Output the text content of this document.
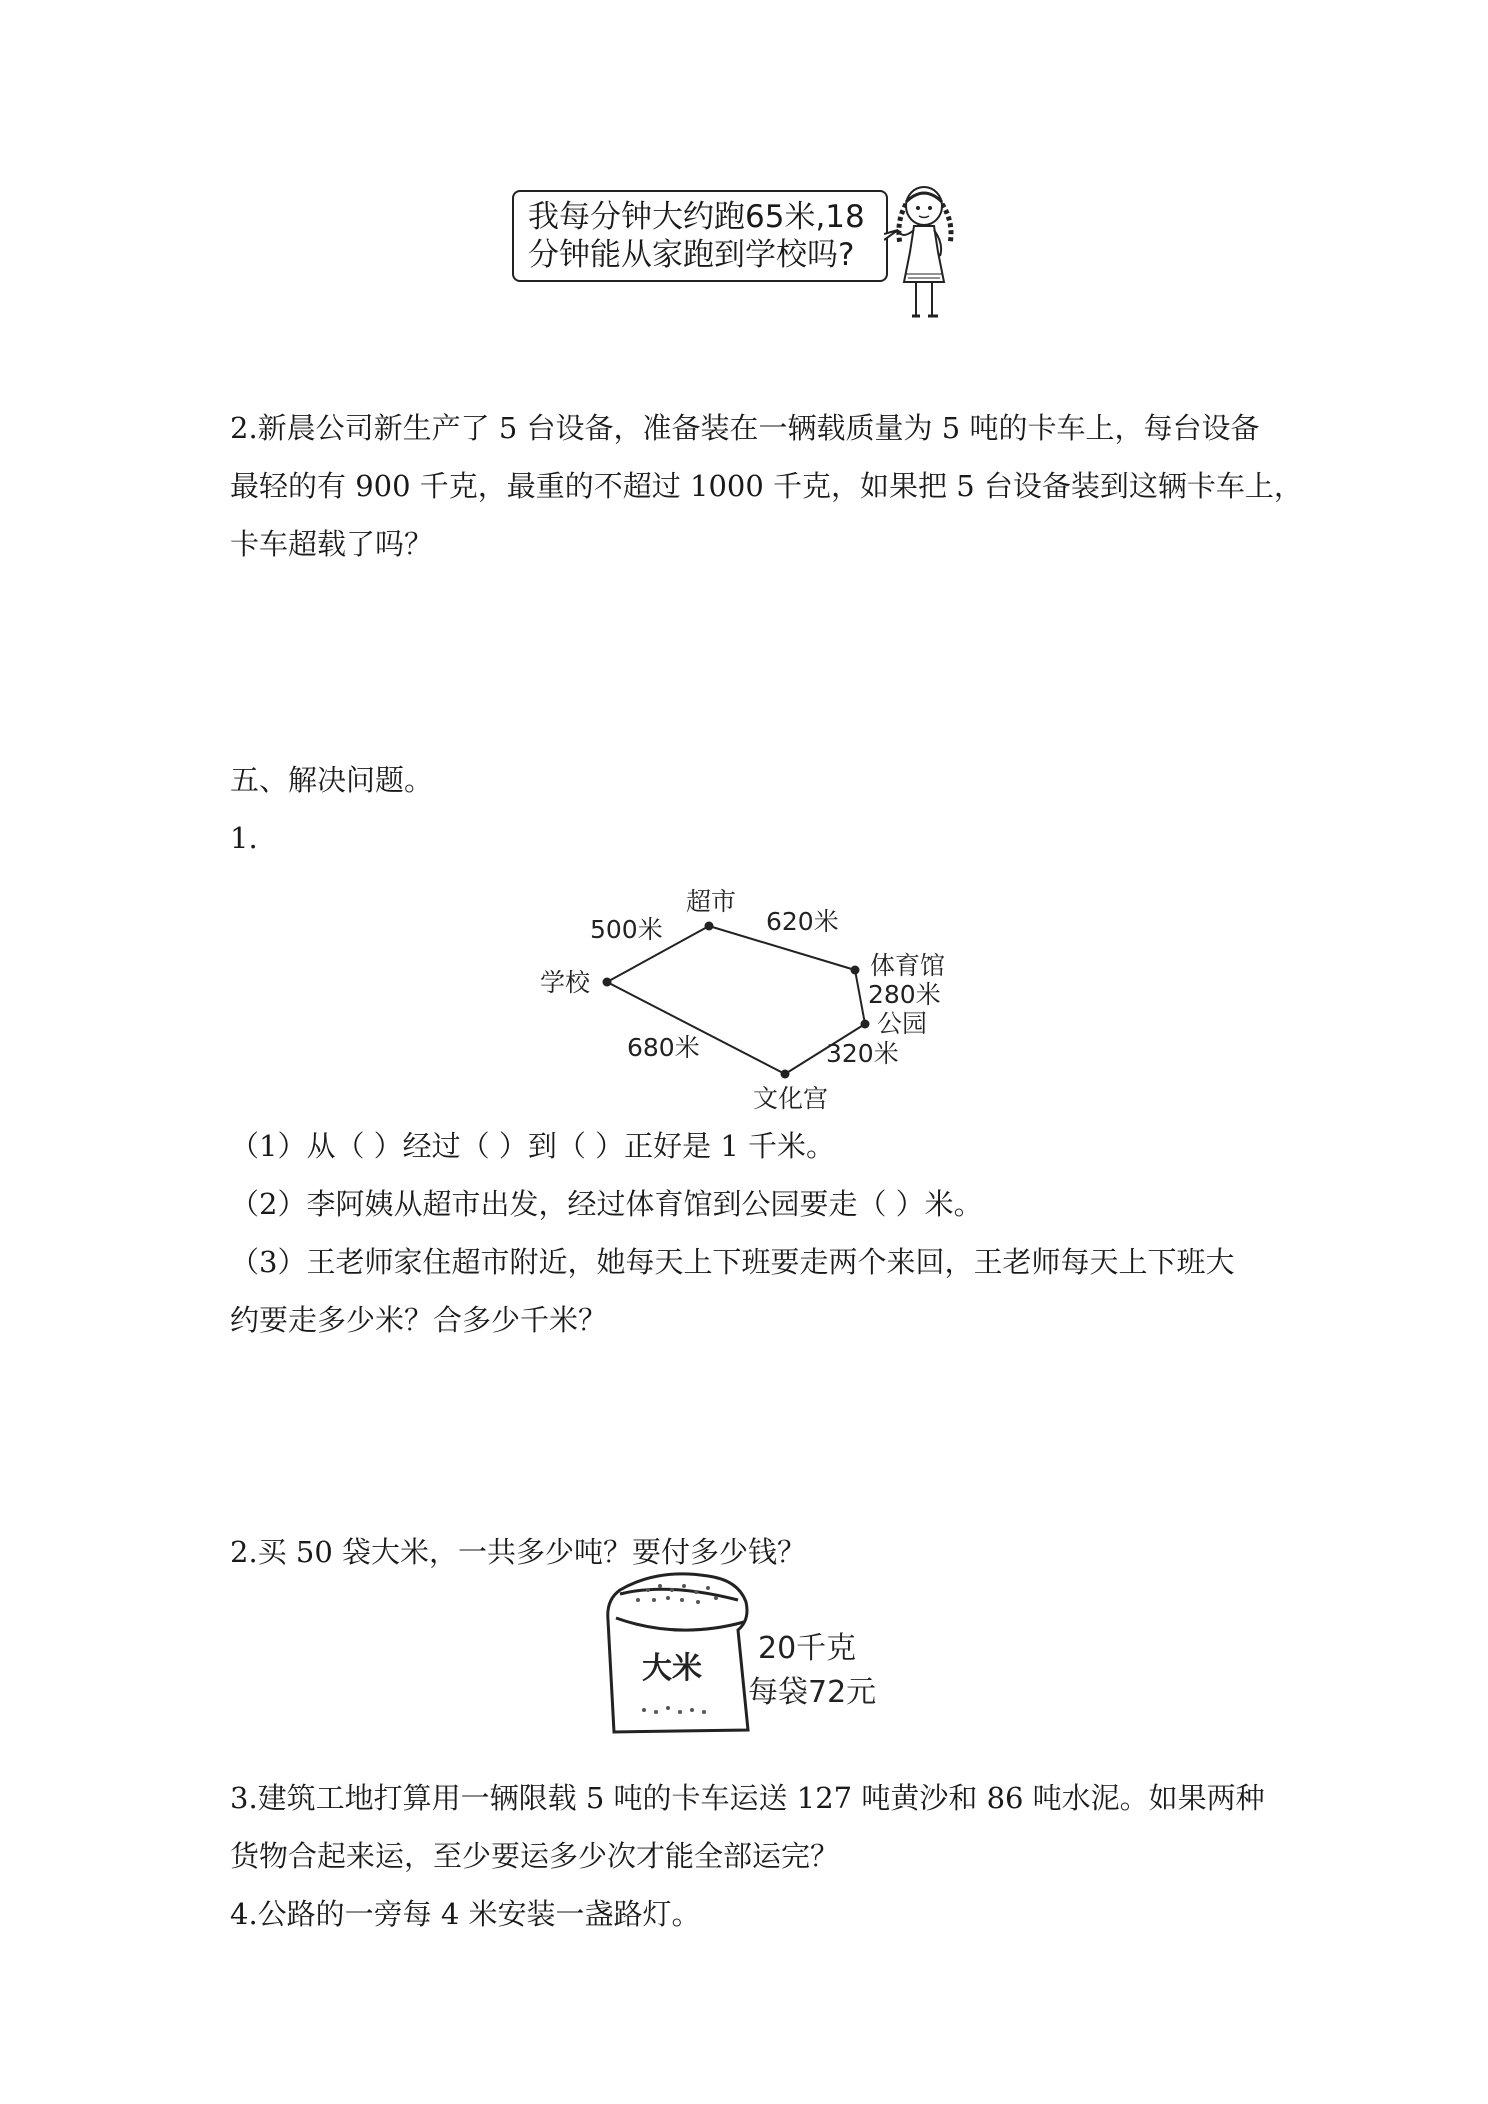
我每分钟大约跑65米,18
分钟能从家跑到学校吗?
2.新晨公司新生产了 5 台设备，准备装在一辆载质量为 5 吨的卡车上，每台设备
最轻的有 900 千克，最重的不超过 1000 千克，如果把 5 台设备装到这辆卡车上，
卡车超载了吗？
五、解决问题。
1.
超市
体育馆
学校
公园
文化宫
500米	620米
280米
320米
680米
（1）从（ ）经过（ ）到（ ）正好是 1 千米。
（2）李阿姨从超市出发，经过体育馆到公园要走（ ）米。
（3）王老师家住超市附近，她每天上下班要走两个来回，王老师每天上下班大
约要走多少米？合多少千米？
2.买 50 袋大米，一共多少吨？要付多少钱？
大米
20千克
每袋72元
3.建筑工地打算用一辆限载 5 吨的卡车运送 127 吨黄沙和 86 吨水泥。如果两种
货物合起来运，至少要运多少次才能全部运完？
4.公路的一旁每 4 米安装一盏路灯。
